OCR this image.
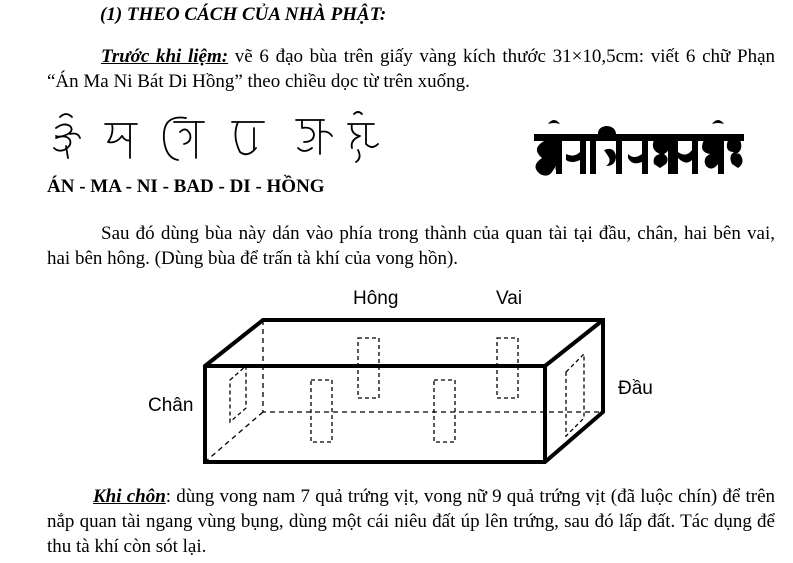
(1) THEO CÁCH CỦA NHÀ PHẬT:
Trước khi liệm: vẽ 6 đạo bùa trên giấy vàng kích thước 31×10,5cm: viết 6 chữ Phạn “Án Ma Ni Bát Di Hồng” theo chiều dọc từ trên xuống.
ÁN - MA - NI - BAD - DI - HỒNG
Sau đó dùng bùa này dán vào phía trong thành của quan tài tại đầu, chân, hai bên vai, hai bên hông. (Dùng bùa để trấn tà khí của vong hồn).
Hông	Vai
Chân
Đầu
Khi chôn: dùng vong nam 7 quả trứng vịt, vong nữ 9 quả trứng vịt (đã luộc chín) để trên nắp quan tài ngang vùng bụng, dùng một cái niêu đất úp lên trứng, sau đó lấp đất. Tác dụng để thu tà khí còn sót lại.
